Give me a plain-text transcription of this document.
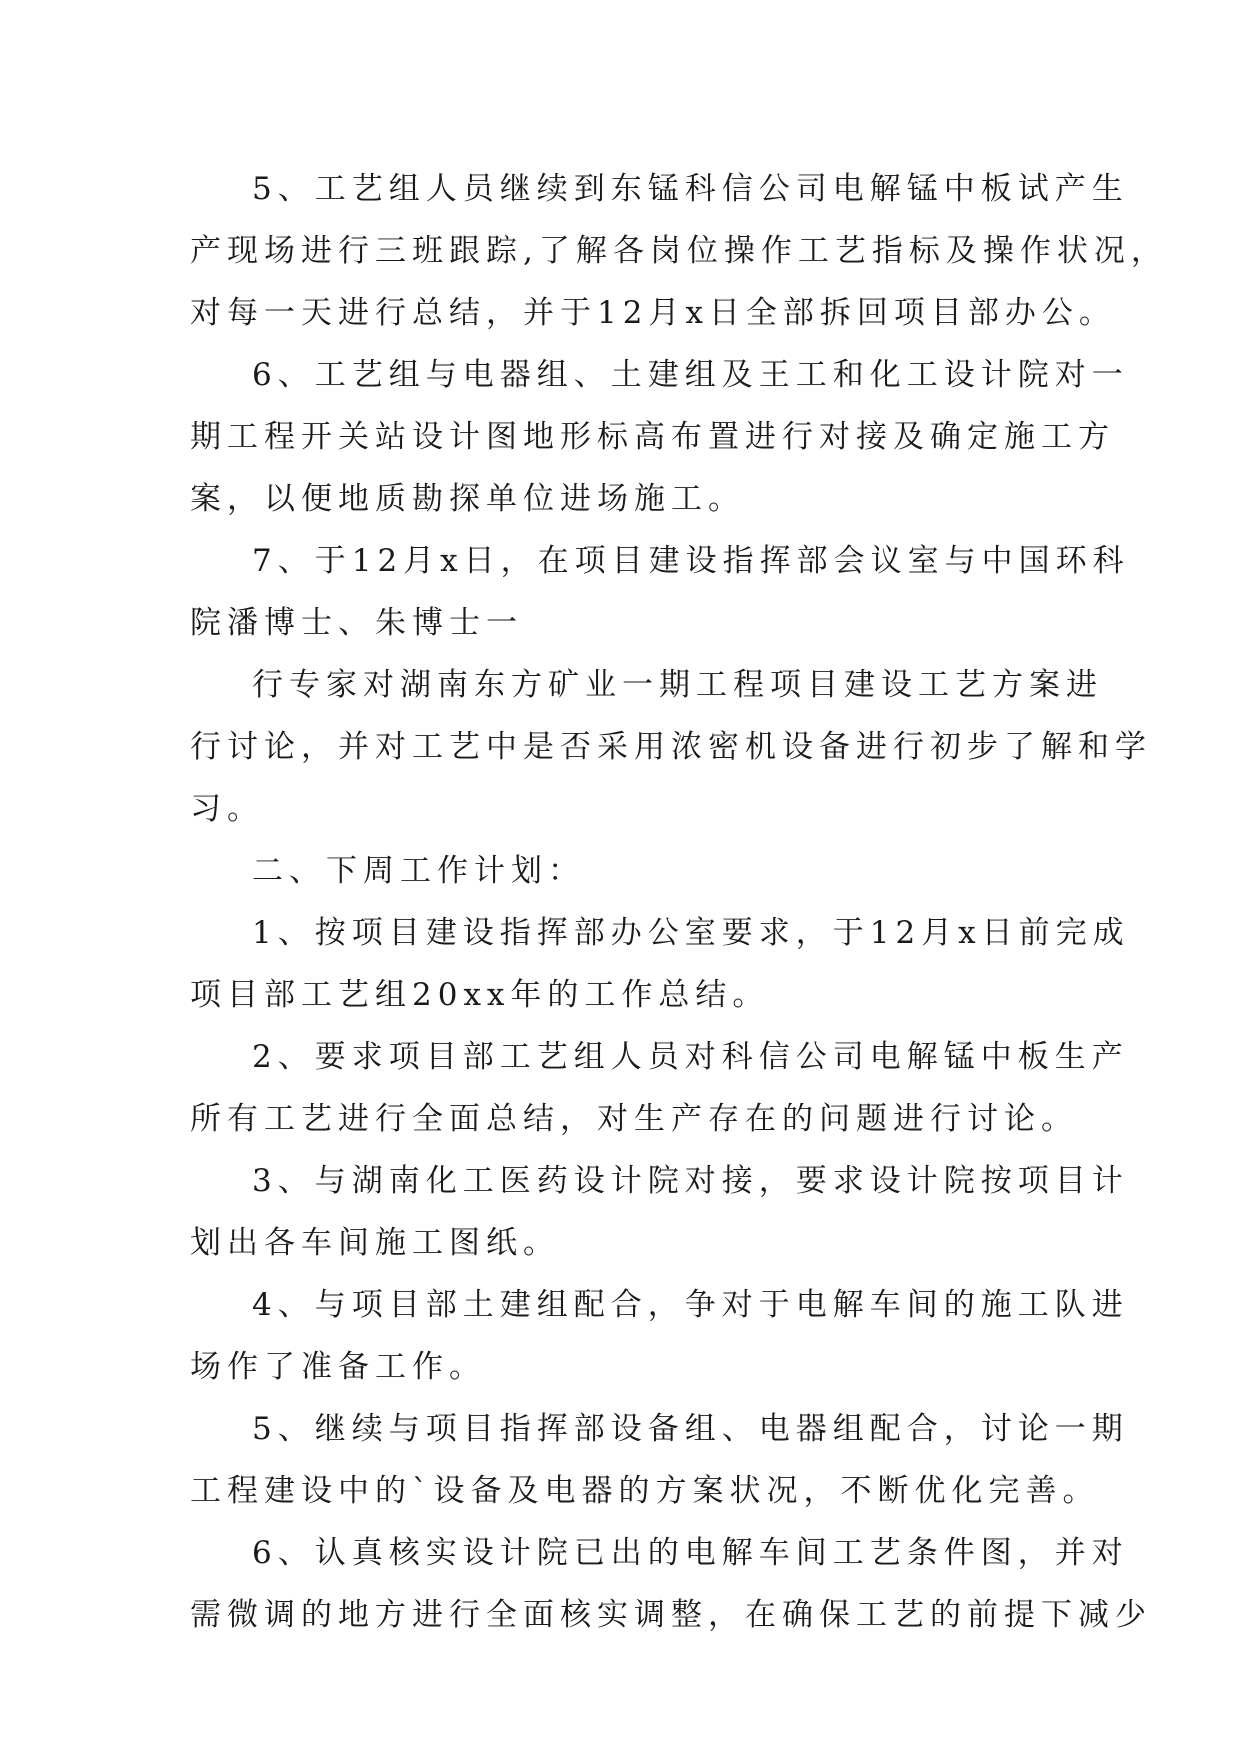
5、工艺组人员继续到东锰科信公司电解锰中板试产生
产现场进行三班跟踪,了解各岗位操作工艺指标及操作状况，
对每一天进行总结，并于12月x日全部拆回项目部办公。
6、工艺组与电器组、土建组及王工和化工设计院对一
期工程开关站设计图地形标高布置进行对接及确定施工方
案，以便地质勘探单位进场施工。
7、于12月x日，在项目建设指挥部会议室与中国环科
院潘博士、朱博士一
行专家对湖南东方矿业一期工程项目建设工艺方案进
行讨论，并对工艺中是否采用浓密机设备进行初步了解和学
习。
二、下周工作计划：
1、按项目建设指挥部办公室要求，于12月x日前完成
项目部工艺组20xx年的工作总结。
2、要求项目部工艺组人员对科信公司电解锰中板生产
所有工艺进行全面总结，对生产存在的问题进行讨论。
3、与湖南化工医药设计院对接，要求设计院按项目计
划出各车间施工图纸。
4、与项目部土建组配合，争对于电解车间的施工队进
场作了准备工作。
5、继续与项目指挥部设备组、电器组配合，讨论一期
工程建设中的`设备及电器的方案状况，不断优化完善。
6、认真核实设计院已出的电解车间工艺条件图，并对
需微调的地方进行全面核实调整，在确保工艺的前提下减少
